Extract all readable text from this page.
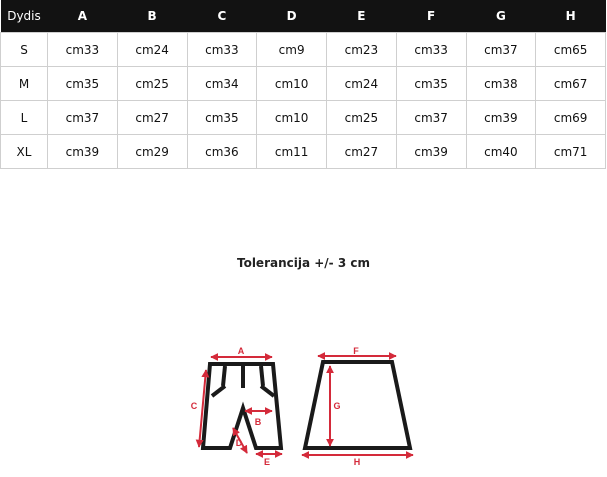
Dydis	A	B	C	D	E	F	G	H
S	cm33	cm24	cm33	cm9	cm23	cm33	cm37	cm65
M	cm35	cm25	cm34	cm10	cm24	cm35	cm38	cm67
L	cm37	cm27	cm35	cm10	cm25	cm37	cm39	cm69
XL	cm39	cm29	cm36	cm11	cm27	cm39	cm40	cm71
Tolerancija +/- 3 cm
A
C
B
D
E
F
G
H
